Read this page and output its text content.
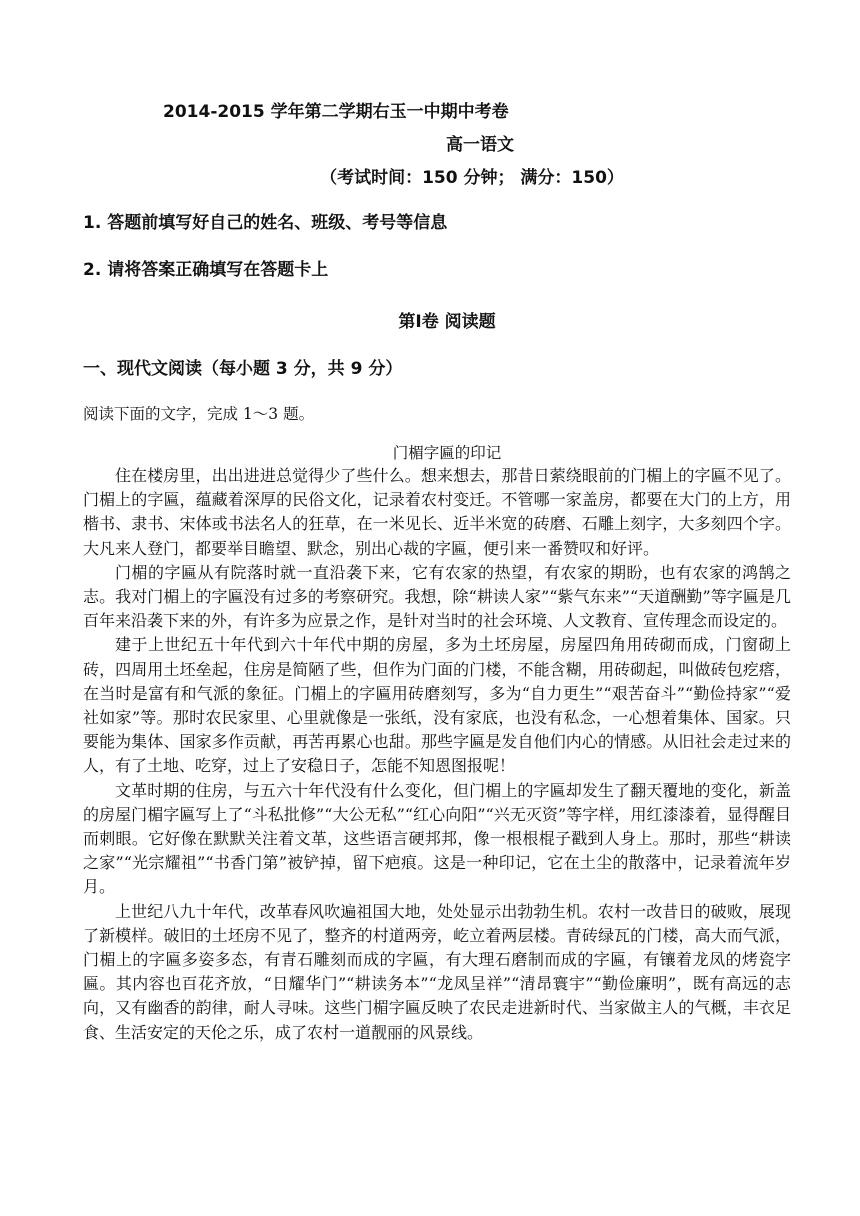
2014-2015 学年第二学期右玉一中期中考卷
高一语文
（考试时间：150 分钟； 满分：150）
1. 答题前填写好自己的姓名、班级、考号等信息
2. 请将答案正确填写在答题卡上
第Ⅰ卷 阅读题
一、现代文阅读（每小题 3 分，共 9 分）
阅读下面的文字，完成 1～3 题。
门楣字匾的印记

住在楼房里，出出进进总觉得少了些什么。想来想去，那昔日萦绕眼前的门楣上的字匾不见了。门楣上的字匾，蕴藏着深厚的民俗文化，记录着农村变迁。不管哪一家盖房，都要在大门的上方，用楷书、隶书、宋体或书法名人的狂草，在一米见长、近半米宽的砖磨、石雕上刻字，大多刻四个字。大凡来人登门，都要举目瞻望、默念，别出心裁的字匾，便引来一番赞叹和好评。

门楣的字匾从有院落时就一直沿袭下来，它有农家的热望，有农家的期盼，也有农家的鸿鹄之志。我对门楣上的字匾没有过多的考察研究。我想，除“耕读人家”“紫气东来”“天道酬勤”等字匾是几百年来沿袭下来的外，有许多为应景之作，是针对当时的社会环境、人文教育、宣传理念而设定的。

建于上世纪五十年代到六十年代中期的房屋，多为土坯房屋，房屋四角用砖砌而成，门窗砌上砖，四周用土坯垒起，住房是简陋了些，但作为门面的门楼，不能含糊，用砖砌起，叫做砖包疙瘩，在当时是富有和气派的象征。门楣上的字匾用砖磨刻写，多为“自力更生”“艰苦奋斗”“勤俭持家”“爱社如家”等。那时农民家里、心里就像是一张纸，没有家底，也没有私念，一心想着集体、国家。只要能为集体、国家多作贡献，再苦再累心也甜。那些字匾是发自他们内心的情感。从旧社会走过来的人，有了土地、吃穿，过上了安稳日子，怎能不知恩图报呢！

文革时期的住房，与五六十年代没有什么变化，但门楣上的字匾却发生了翻天覆地的变化，新盖的房屋门楣字匾写上了“斗私批修”“大公无私”“红心向阳”“兴无灭资”等字样，用红漆漆着，显得醒目而刺眼。它好像在默默关注着文革，这些语言硬邦邦，像一根根棍子戳到人身上。那时，那些“耕读之家”“光宗耀祖”“书香门第”被铲掉，留下疤痕。这是一种印记，它在土尘的散落中，记录着流年岁月。

上世纪八九十年代，改革春风吹遍祖国大地，处处显示出勃勃生机。农村一改昔日的破败，展现了新模样。破旧的土坯房不见了，整齐的村道两旁，屹立着两层楼。青砖绿瓦的门楼，高大而气派，门楣上的字匾多姿多态，有青石雕刻而成的字匾，有大理石磨制而成的字匾，有镶着龙凤的烤瓷字匾。其内容也百花齐放，“日耀华门”“耕读务本”“龙凤呈祥”“清昂寰宇”“勤俭廉明”，既有高远的志向，又有幽香的韵律，耐人寻味。这些门楣字匾反映了农民走进新时代、当家做主人的气概，丰衣足食、生活安定的天伦之乐，成了农村一道靓丽的风景线。
